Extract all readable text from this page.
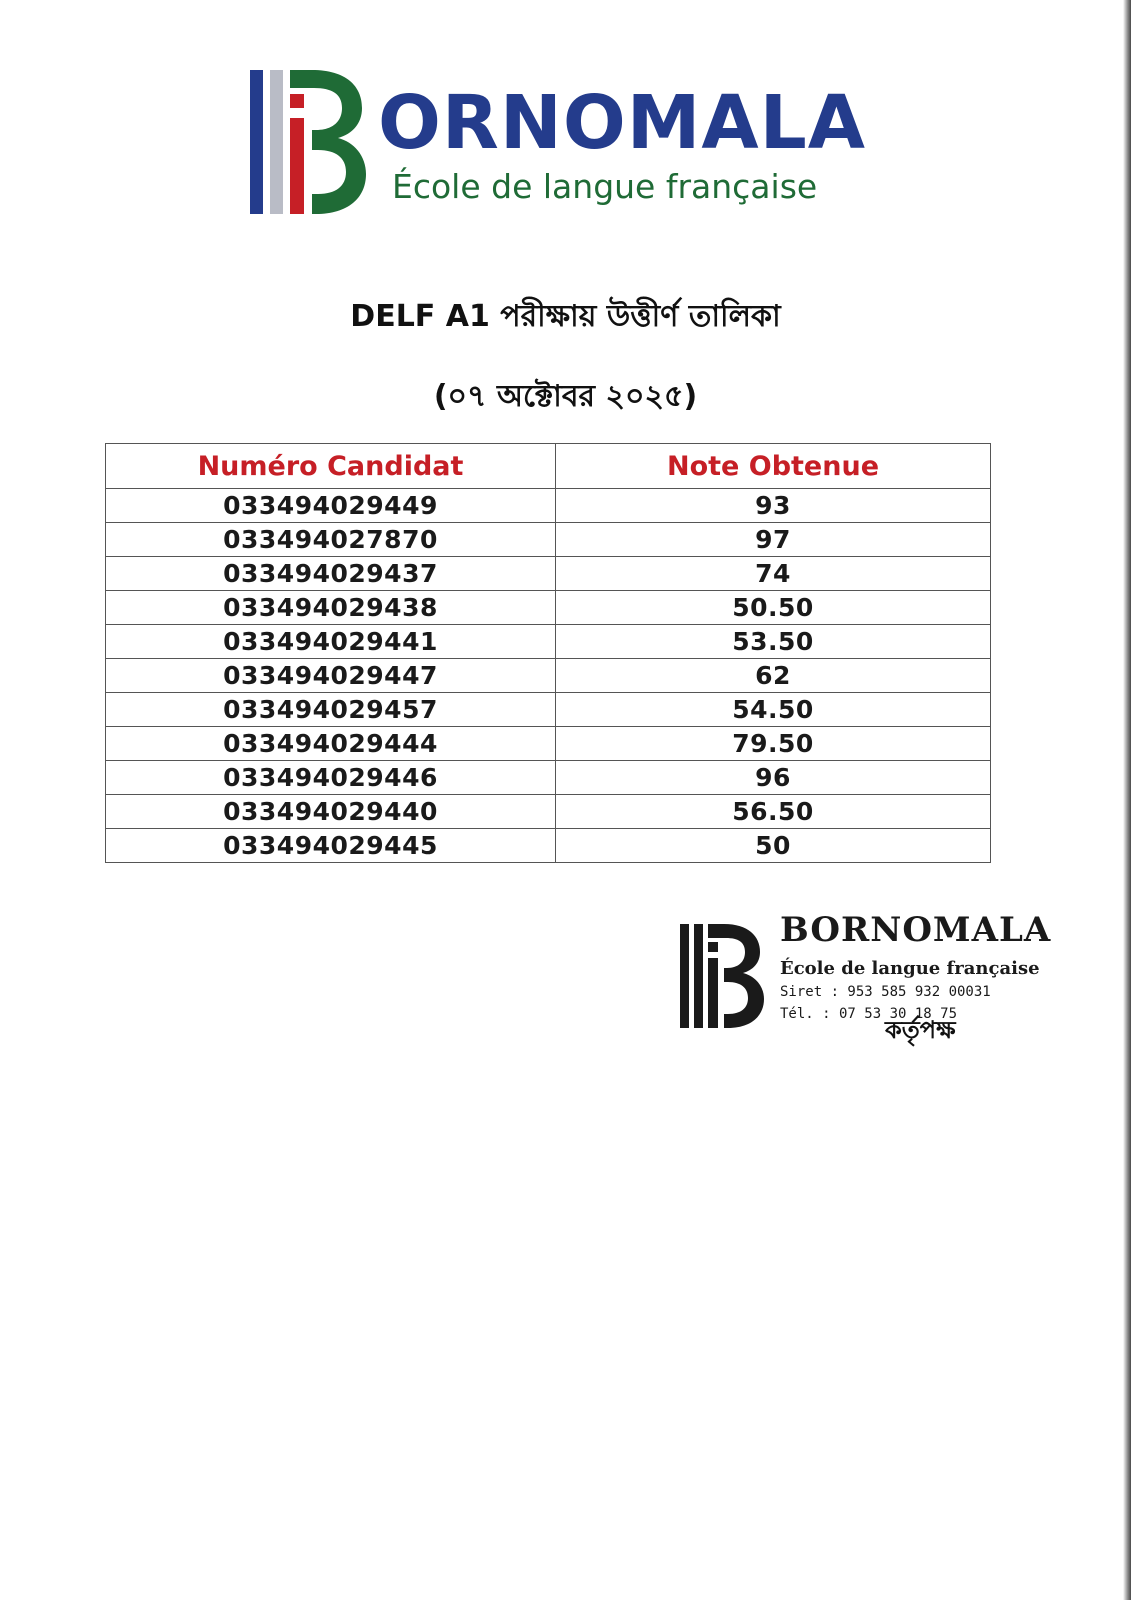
ORNOMALA
École de langue française
DELF A1 পরীক্ষায় উত্তীর্ণ তালিকা
(০৭ অক্টোবর ২০২৫)
Numéro Candidat	Note Obtenue
033494029449	93
033494027870	97
033494029437	74
033494029438	50.50
033494029441	53.50
033494029447	62
033494029457	54.50
033494029444	79.50
033494029446	96
033494029440	56.50
033494029445	50
BORNOMALA
École de langue française
Siret : 953 585 932 00031
Tél. : 07 53 30 18 75
কর্তৃপক্ষ
